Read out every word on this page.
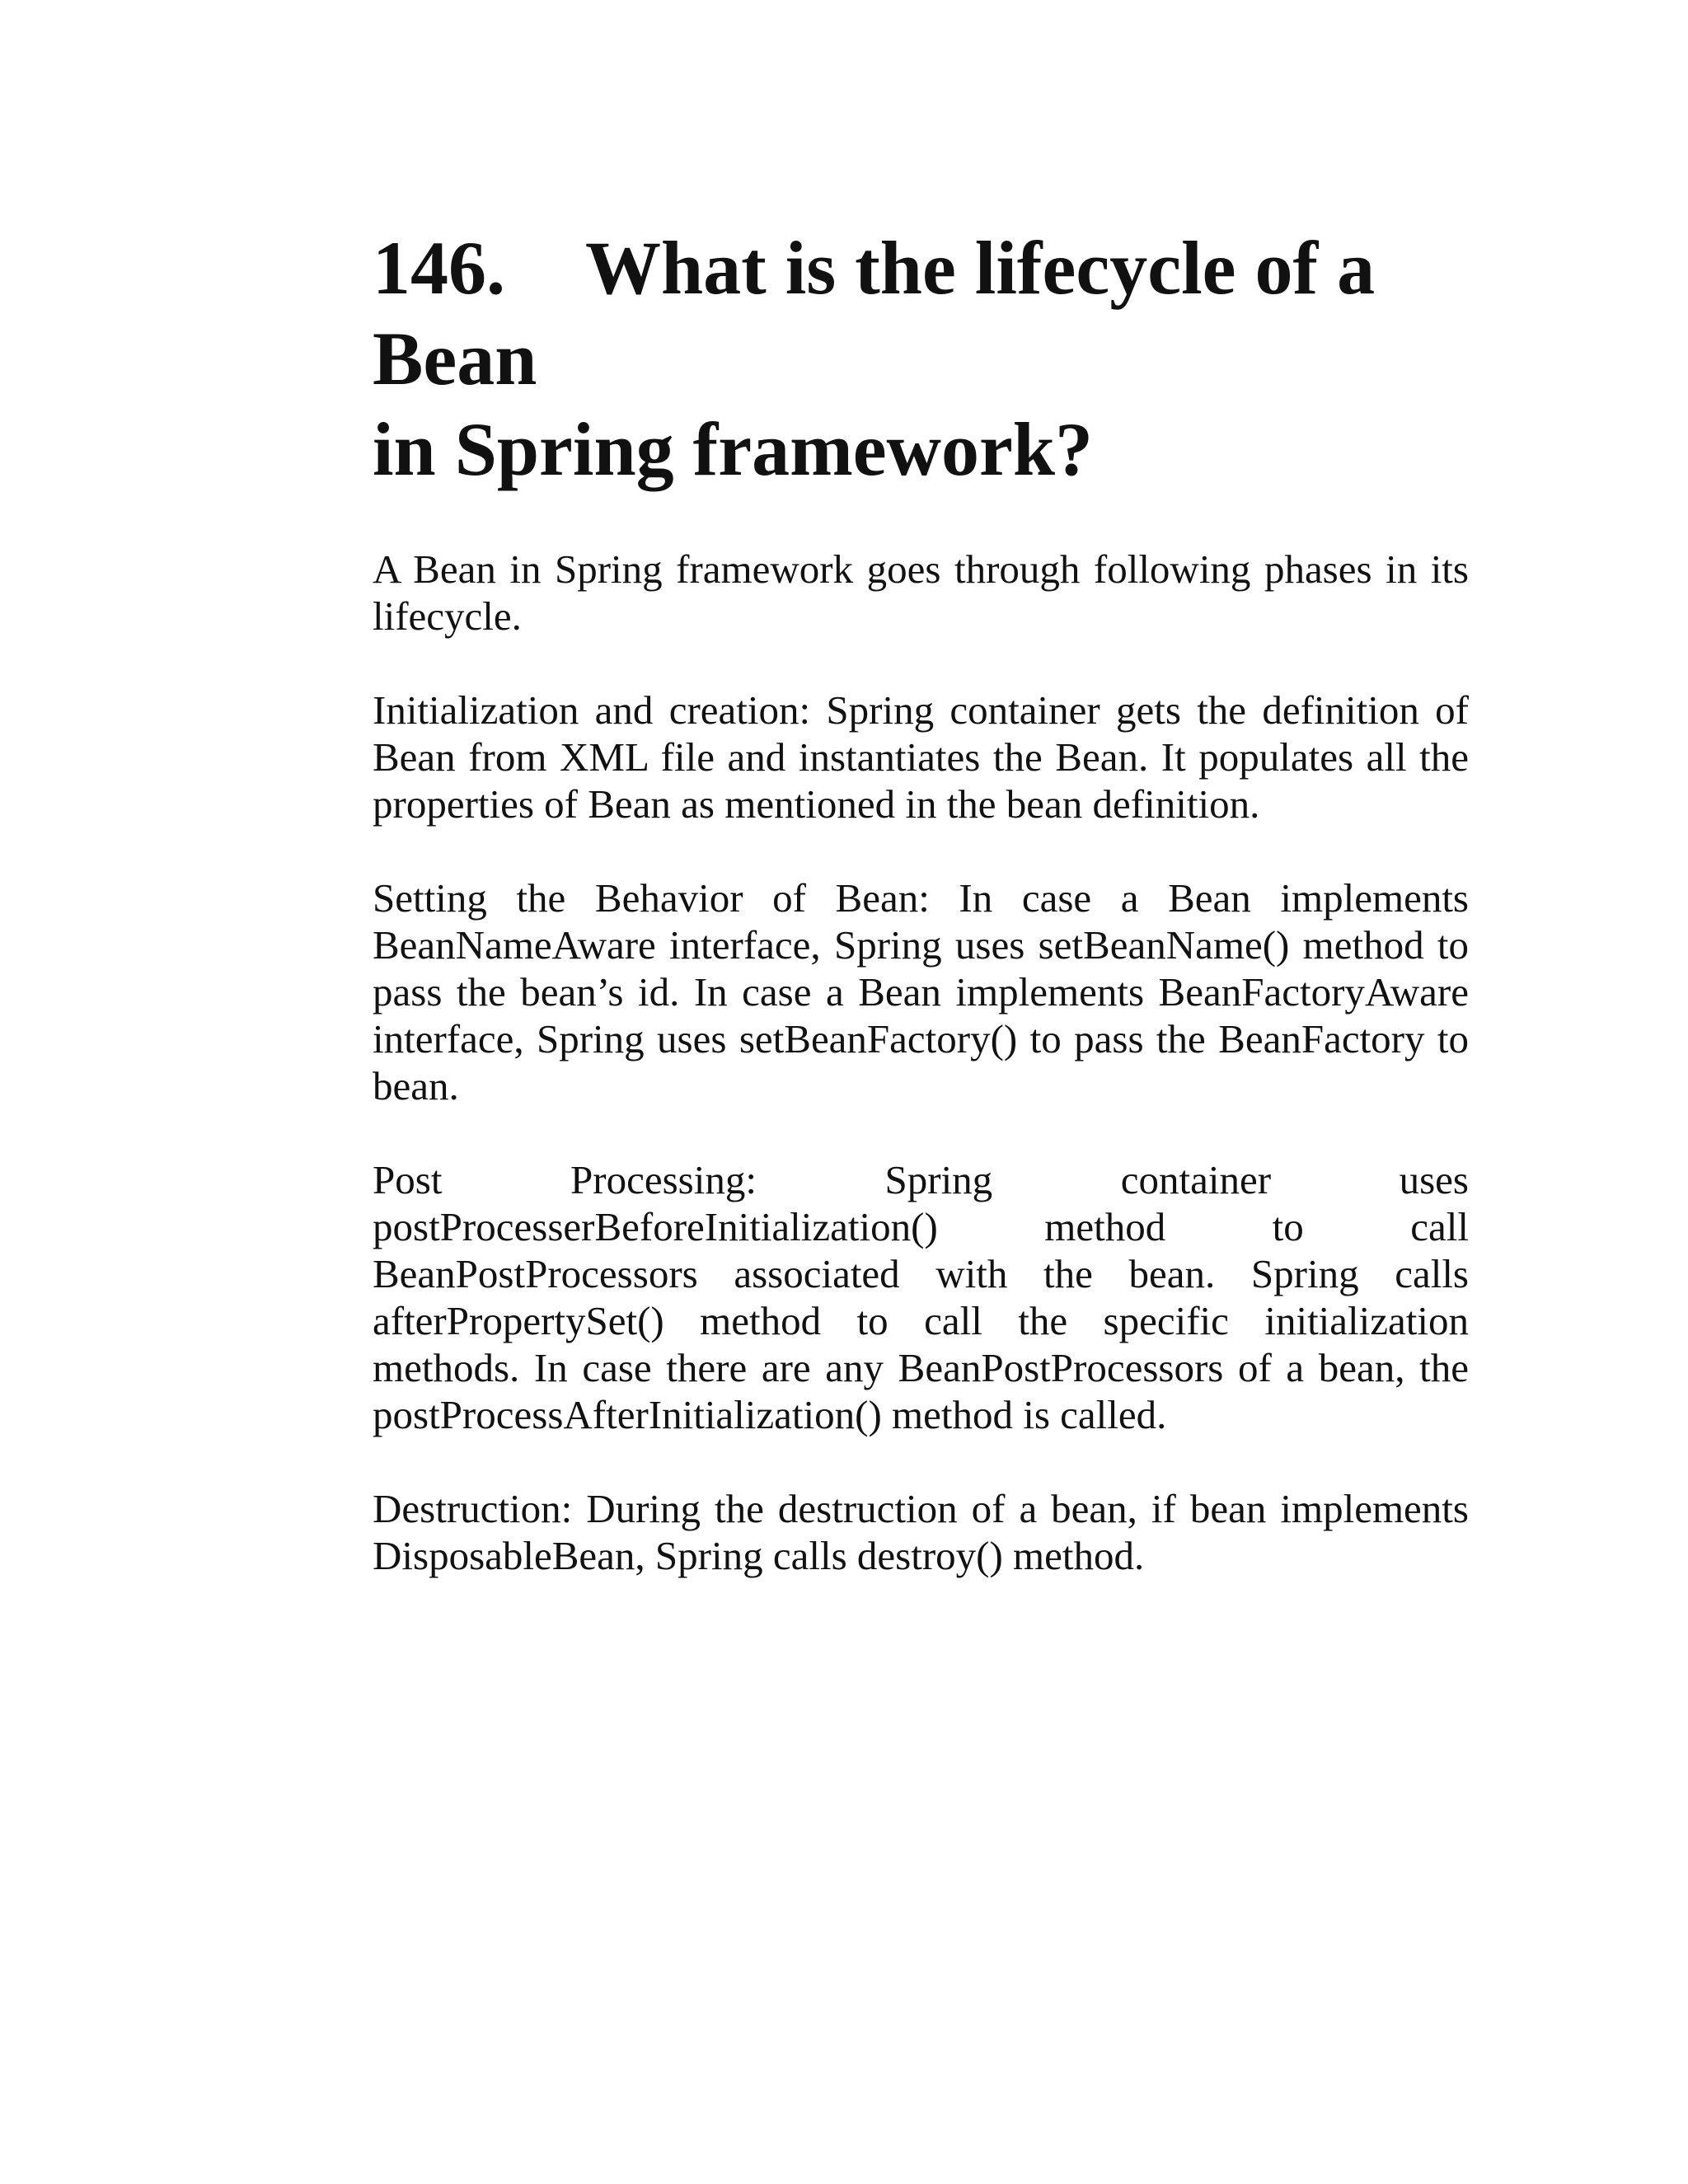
146. What is the lifecycle of a Bean
in Spring framework?

A Bean in Spring framework goes through following phases in its lifecycle.

Initialization and creation: Spring container gets the definition of Bean from XML file and instantiates the Bean. It populates all the properties of Bean as mentioned in the bean definition.

Setting the Behavior of Bean: In case a Bean implements BeanNameAware interface, Spring uses setBeanName() method to pass the bean’s id. In case a Bean implements BeanFactoryAware interface, Spring uses setBeanFactory() to pass the BeanFactory to bean.

Post Processing: Spring container uses postProcesserBeforeInitialization() method to call BeanPostProcessors associated with the bean. Spring calls afterPropertySet() method to call the specific initialization methods. In case there are any BeanPostProcessors of a bean, the postProcessAfterInitialization() method is called.

Destruction: During the destruction of a bean, if bean implements DisposableBean, Spring calls destroy() method.
